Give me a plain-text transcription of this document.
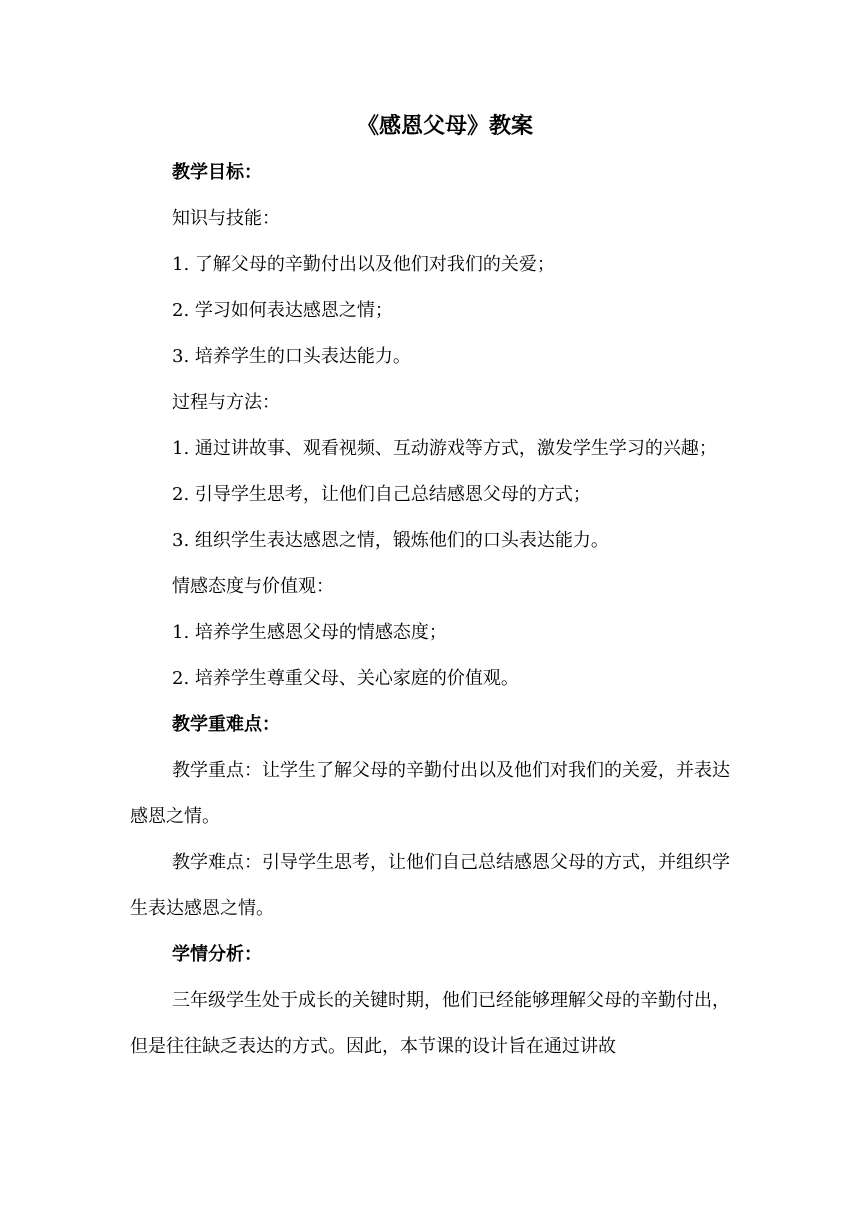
《感恩父母》教案
教学目标：

知识与技能：

1. 了解父母的辛勤付出以及他们对我们的关爱；

2. 学习如何表达感恩之情；

3. 培养学生的口头表达能力。

过程与方法：

1. 通过讲故事、观看视频、互动游戏等方式，激发学生学习的兴趣；

2. 引导学生思考，让他们自己总结感恩父母的方式；

3. 组织学生表达感恩之情，锻炼他们的口头表达能力。

情感态度与价值观：

1. 培养学生感恩父母的情感态度；

2. 培养学生尊重父母、关心家庭的价值观。

教学重难点：

教学重点：让学生了解父母的辛勤付出以及他们对我们的关爱，并表达感恩之情。

教学难点：引导学生思考，让他们自己总结感恩父母的方式，并组织学生表达感恩之情。

学情分析：

三年级学生处于成长的关键时期，他们已经能够理解父母的辛勤付出，但是往往缺乏表达的方式。因此，本节课的设计旨在通过讲故
